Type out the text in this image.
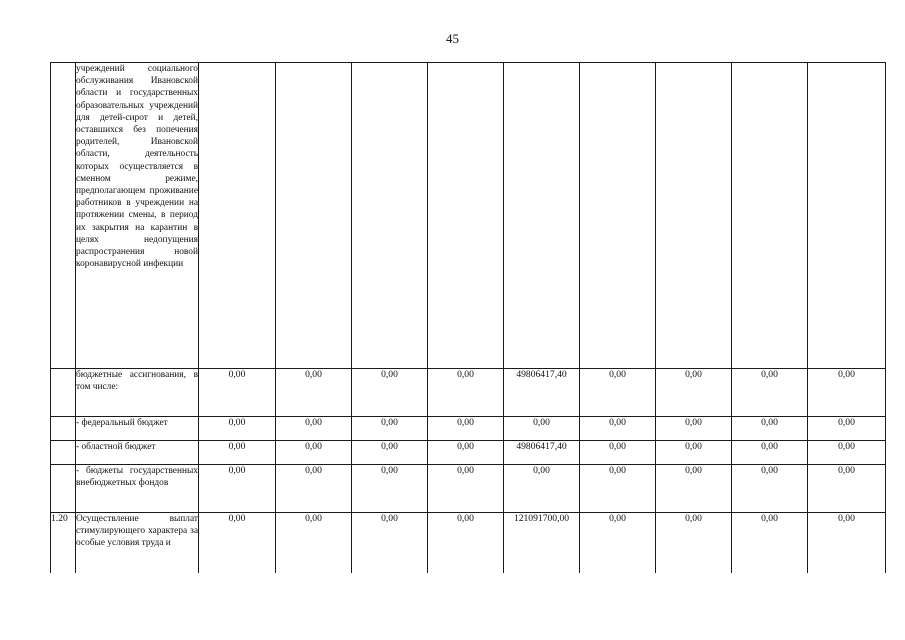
45
	учреждений социального обслуживания Ивановской области и государственных образовательных учреждений для детей-сирот и детей, оставшихся без попечения родителей, Ивановской области, деятельность которых осуществляется в сменном режиме, предполагающем проживание работников в учреждении на протяжении смены, в период их закрытия на карантин в целях недопущения распространения новой коронавирусной инфекции									
	бюджетные ассигнования, в том числе:	0,00	0,00	0,00	0,00	49806417,40	0,00	0,00	0,00	0,00
	- федеральный бюджет	0,00	0,00	0,00	0,00	0,00	0,00	0,00	0,00	0,00
	- областной бюджет	0,00	0,00	0,00	0,00	49806417,40	0,00	0,00	0,00	0,00
	- бюджеты государственных внебюджетных фондов	0,00	0,00	0,00	0,00	0,00	0,00	0,00	0,00	0,00
1.20	Осуществление выплат стимулирующего характера за особые условия труда и	0,00	0,00	0,00	0,00	121091700,00	0,00	0,00	0,00	0,00
